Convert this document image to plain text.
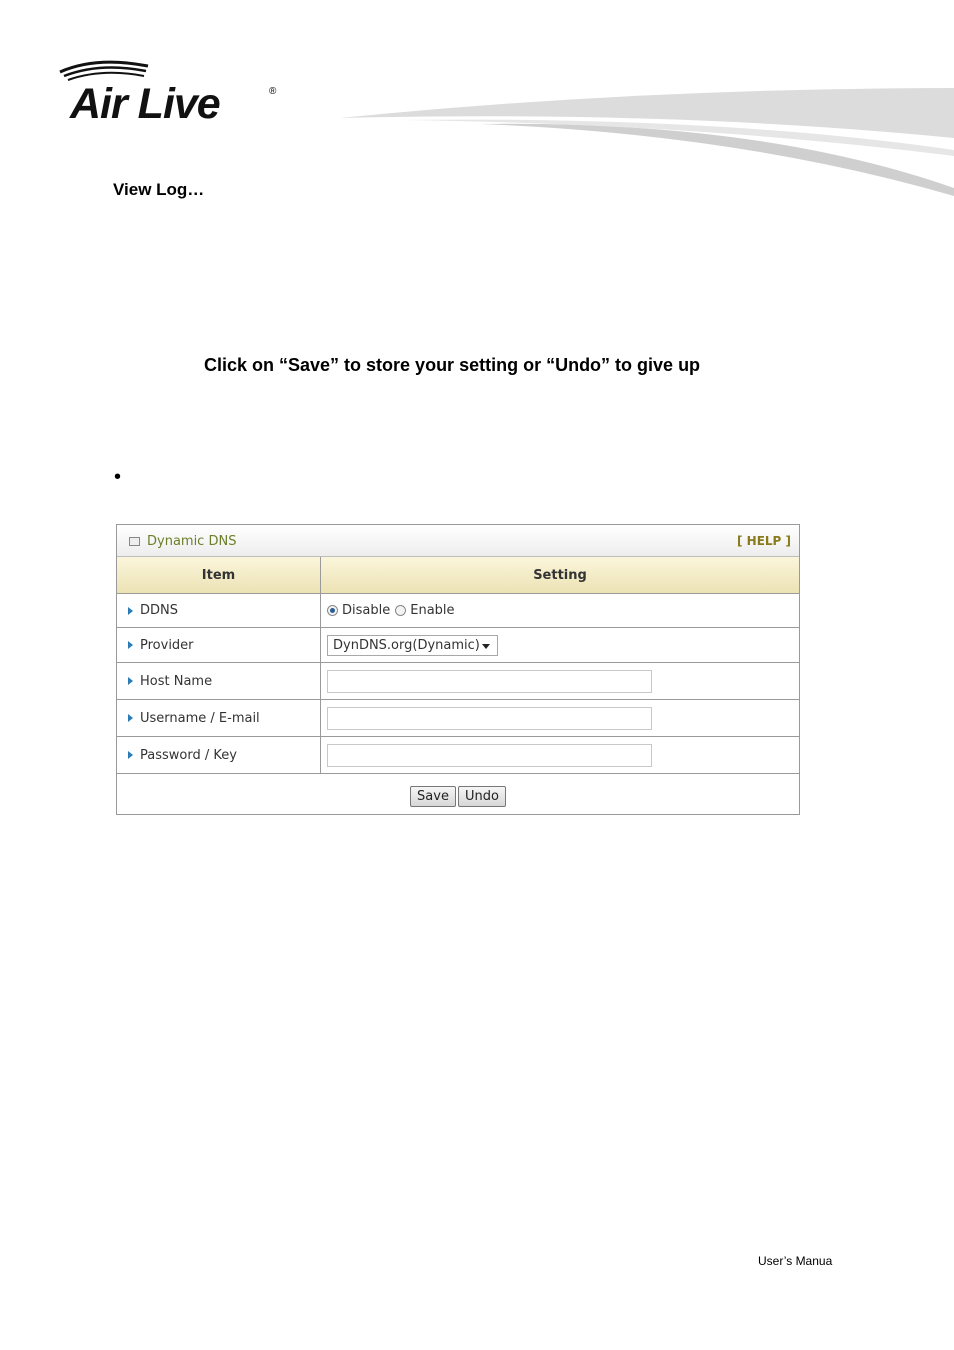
Air Live	®
View Log…
Click on “Save” to store your setting or “Undo” to give up
•
Dynamic DNS	[ HELP ]
Item	Setting
DDNS	Disable Enable
Provider	DynDNS.org(Dynamic)
Host Name
Username / E-mail
Password / Key
Save	Undo
User’s Manua
